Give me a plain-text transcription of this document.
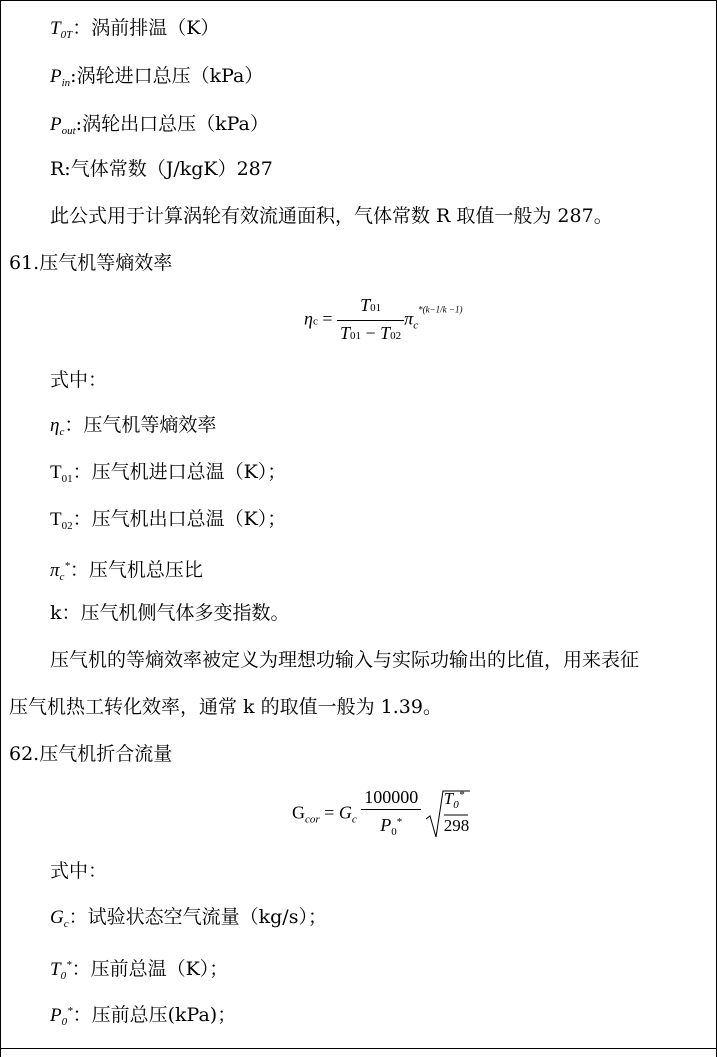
$T_{0T}$：涡前排温（K）
$P_{in}$:涡轮进口总压（kPa）
$P_{out}$:涡轮出口总压（kPa）
R:气体常数（J/kgK）287
此公式用于计算涡轮有效流通面积，气体常数 R 取值一般为 287。
61.压气机等熵效率
$\eta c = \frac{T01}{T01 - T02} \pi_c^{*(k-1/k -1)}$
式中：
$\eta_c$：压气机等熵效率
$T_{01}$：压气机进口总温（K）；
$T_{02}$：压气机出口总温（K）；
$\pi_c^*$：压气机总压比
k：压气机侧气体多变指数。
压气机的等熵效率被定义为理想功输入与实际功输出的比值，用来表征
压气机热工转化效率，通常 k 的取值一般为 1.39。
62.压气机折合流量
$G_{cor} = G_c \frac{100000}{P_0^*}$
$T_0^*$
298
式中：
$G_c$：试验状态空气流量（kg/s）；
$T_0^*$：压前总温（K）；
$P_0^*$：压前总压(kPa)；
